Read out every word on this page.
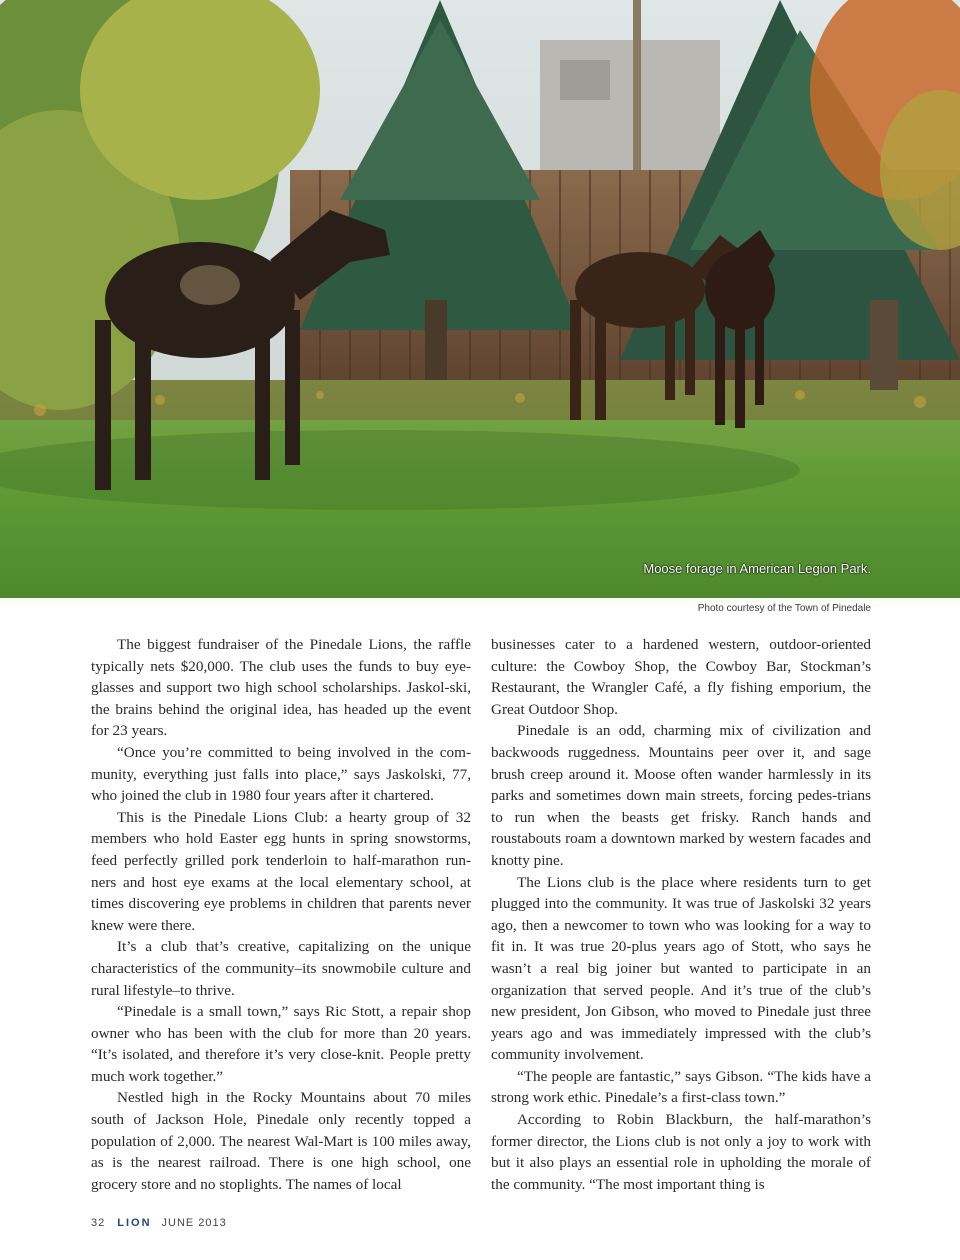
Moose forage in American Legion Park.
Photo courtesy of the Town of Pinedale

The biggest fundraiser of the Pinedale Lions, the raffle typically nets $20,000. The club uses the funds to buy eye-glasses and support two high school scholarships. Jaskol-ski, the brains behind the original idea, has headed up the event for 23 years.

“Once you’re committed to being involved in the com-munity, everything just falls into place,” says Jaskolski, 77, who joined the club in 1980 four years after it chartered.

This is the Pinedale Lions Club: a hearty group of 32 members who hold Easter egg hunts in spring snowstorms, feed perfectly grilled pork tenderloin to half-marathon run-ners and host eye exams at the local elementary school, at times discovering eye problems in children that parents never knew were there.

It’s a club that’s creative, capitalizing on the unique characteristics of the community–its snowmobile culture and rural lifestyle–to thrive.

“Pinedale is a small town,” says Ric Stott, a repair shop owner who has been with the club for more than 20 years. “It’s isolated, and therefore it’s very close-knit. People pretty much work together.”

Nestled high in the Rocky Mountains about 70 miles south of Jackson Hole, Pinedale only recently topped a population of 2,000. The nearest Wal-Mart is 100 miles away, as is the nearest railroad. There is one high school, one grocery store and no stoplights. The names of local

businesses cater to a hardened western, outdoor-oriented culture: the Cowboy Shop, the Cowboy Bar, Stockman’s Restaurant, the Wrangler Café, a fly fishing emporium, the Great Outdoor Shop.

Pinedale is an odd, charming mix of civilization and backwoods ruggedness. Mountains peer over it, and sage brush creep around it. Moose often wander harmlessly in its parks and sometimes down main streets, forcing pedes-trians to run when the beasts get frisky. Ranch hands and roustabouts roam a downtown marked by western facades and knotty pine.

The Lions club is the place where residents turn to get plugged into the community. It was true of Jaskolski 32 years ago, then a newcomer to town who was looking for a way to fit in. It was true 20-plus years ago of Stott, who says he wasn’t a real big joiner but wanted to participate in an organization that served people. And it’s true of the club’s new president, Jon Gibson, who moved to Pinedale just three years ago and was immediately impressed with the club’s community involvement.

“The people are fantastic,” says Gibson. “The kids have a strong work ethic. Pinedale’s a first-class town.”

According to Robin Blackburn, the half-marathon’s former director, the Lions club is not only a joy to work with but it also plays an essential role in upholding the morale of the community. “The most important thing is

32 LION JUNE 2013
